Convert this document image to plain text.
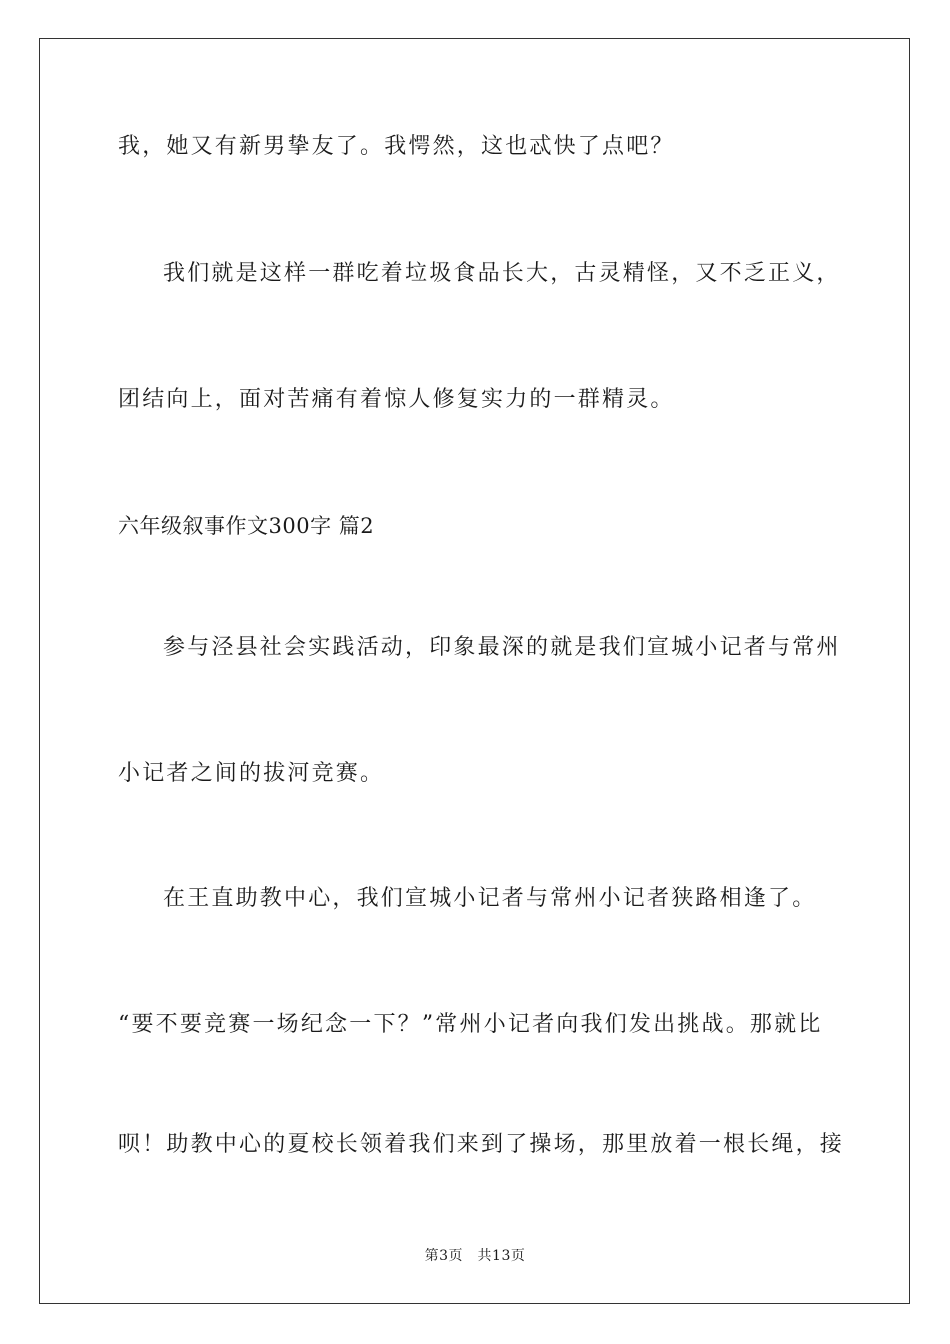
我，她又有新男挚友了。我愕然，这也忒快了点吧？
我们就是这样一群吃着垃圾食品长大，古灵精怪，又不乏正义，
团结向上，面对苦痛有着惊人修复实力的一群精灵。
六年级叙事作文300字 篇2
参与泾县社会实践活动，印象最深的就是我们宣城小记者与常州
小记者之间的拔河竞赛。
在王直助教中心，我们宣城小记者与常州小记者狭路相逢了。
“要不要竞赛一场纪念一下？”常州小记者向我们发出挑战。那就比
呗！助教中心的夏校长领着我们来到了操场，那里放着一根长绳，接
第3页　共13页
